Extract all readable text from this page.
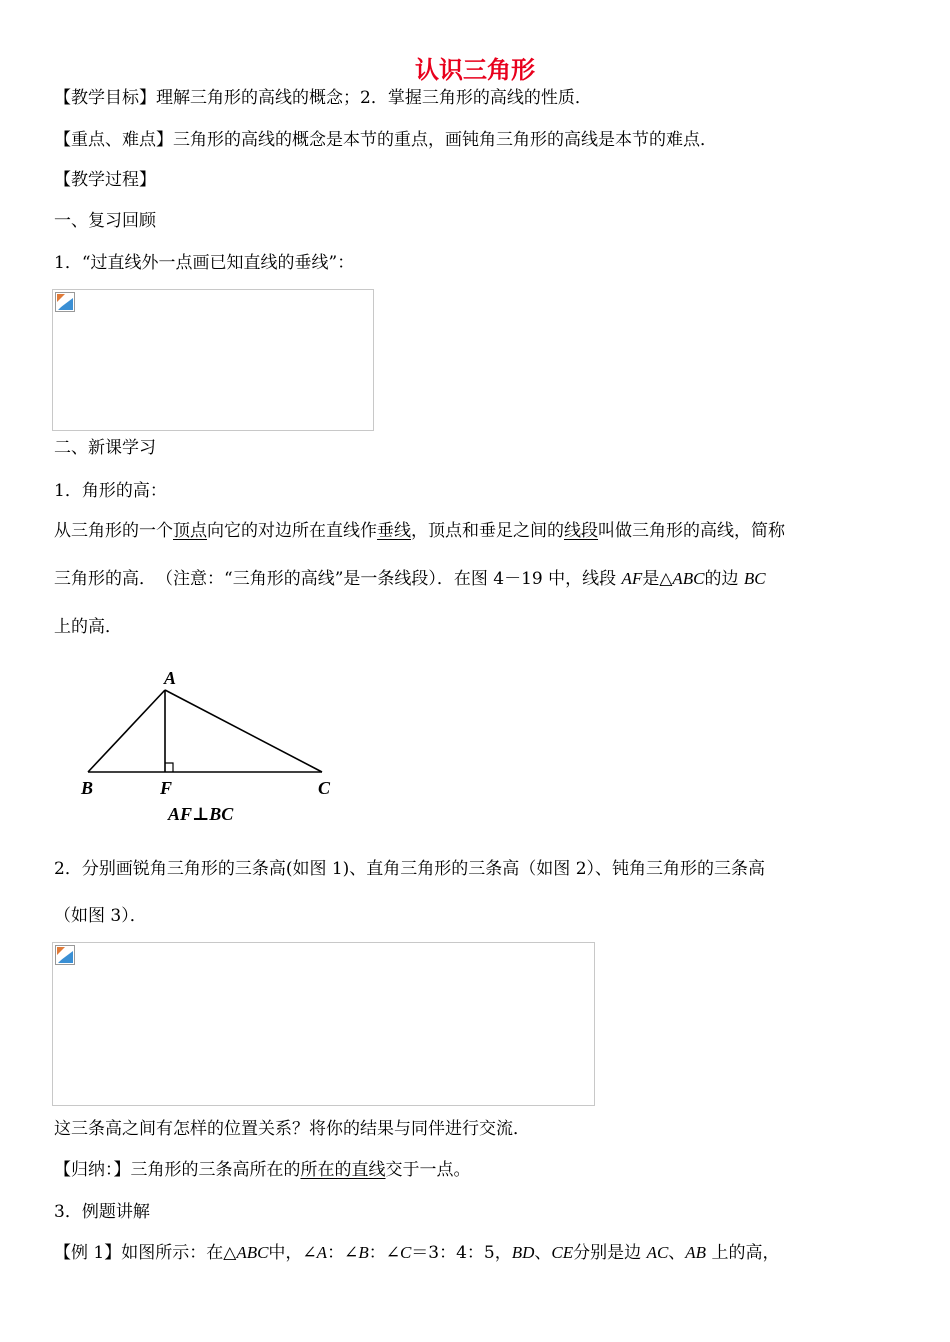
认识三角形
【教学目标】理解三角形的高线的概念；2．掌握三角形的高线的性质．
【重点、难点】三角形的高线的概念是本节的重点，画钝角三角形的高线是本节的难点．
【教学过程】
一、复习回顾
1．“过直线外一点画已知直线的垂线”：
二、新课学习
1．角形的高：
从三角形的一个顶点向它的对边所在直线作垂线，顶点和垂足之间的线段叫做三角形的高线，简称
三角形的高．　（注意：“三角形的高线”是一条线段）．在图 4－19 中，线段 AF是△ABC的边 BC
上的高．
A
B	C
F
AF⊥BC
2．分别画锐角三角形的三条高(如图 1)、直角三角形的三条高（如图 2）、钝角三角形的三条高
（如图 3）．
这三条高之间有怎样的位置关系？将你的结果与同伴进行交流．
【归纳：】三角形的三条高所在的所在的直线交于一点。
3．例题讲解
【例 1】如图所示：在△ABC中，∠A：∠B：∠C＝3：4：5，BD、CE分别是边 AC、AB 上的高，
